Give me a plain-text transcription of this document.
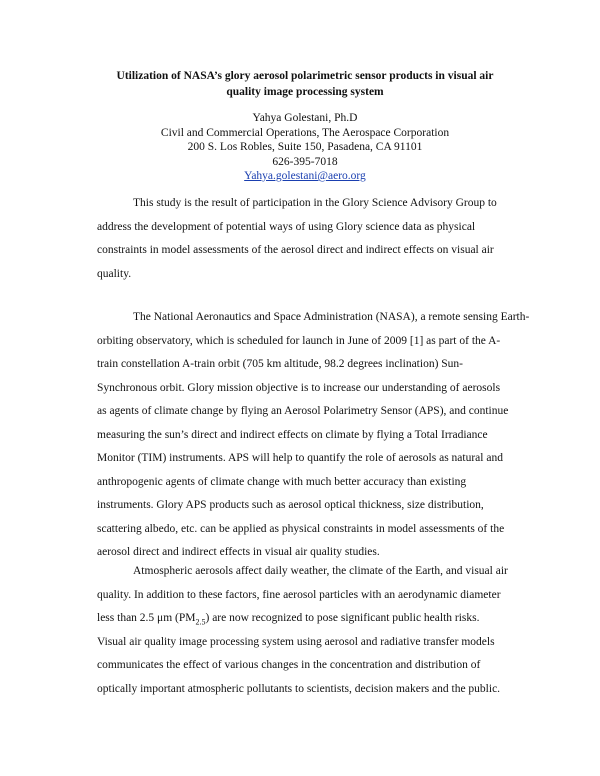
Utilization of NASA’s glory aerosol polarimetric sensor products in visual air
quality image processing system
Yahya Golestani, Ph.D
Civil and Commercial Operations, The Aerospace Corporation
200 S. Los Robles, Suite 150, Pasadena, CA 91101
626-395-7018
Yahya.golestani@aero.org
This study is the result of participation in the Glory Science Advisory Group to
address the development of potential ways of using Glory science data as physical
constraints in model assessments of the aerosol direct and indirect effects on visual air
quality.
The National Aeronautics and Space Administration (NASA), a remote sensing Earth-
orbiting observatory, which is scheduled for launch in June of 2009 [1] as part of the A-
train constellation A-train orbit (705 km altitude, 98.2 degrees inclination) Sun-
Synchronous orbit. Glory mission objective is to increase our understanding of aerosols
as agents of climate change by flying an Aerosol Polarimetry Sensor (APS), and continue
measuring the sun’s direct and indirect effects on climate by flying a Total Irradiance
Monitor (TIM) instruments. APS will help to quantify the role of aerosols as natural and
anthropogenic agents of climate change with much better accuracy than existing
instruments. Glory APS products such as aerosol optical thickness, size distribution,
scattering albedo, etc. can be applied as physical constraints in model assessments of the
aerosol direct and indirect effects in visual air quality studies.
Atmospheric aerosols affect daily weather, the climate of the Earth, and visual air
quality. In addition to these factors, fine aerosol particles with an aerodynamic diameter
less than 2.5 μm $(PM_{2.5})$ are now recognized to pose significant public health risks.
Visual air quality image processing system using aerosol and radiative transfer models
communicates the effect of various changes in the concentration and distribution of
optically important atmospheric pollutants to scientists, decision makers and the public.
